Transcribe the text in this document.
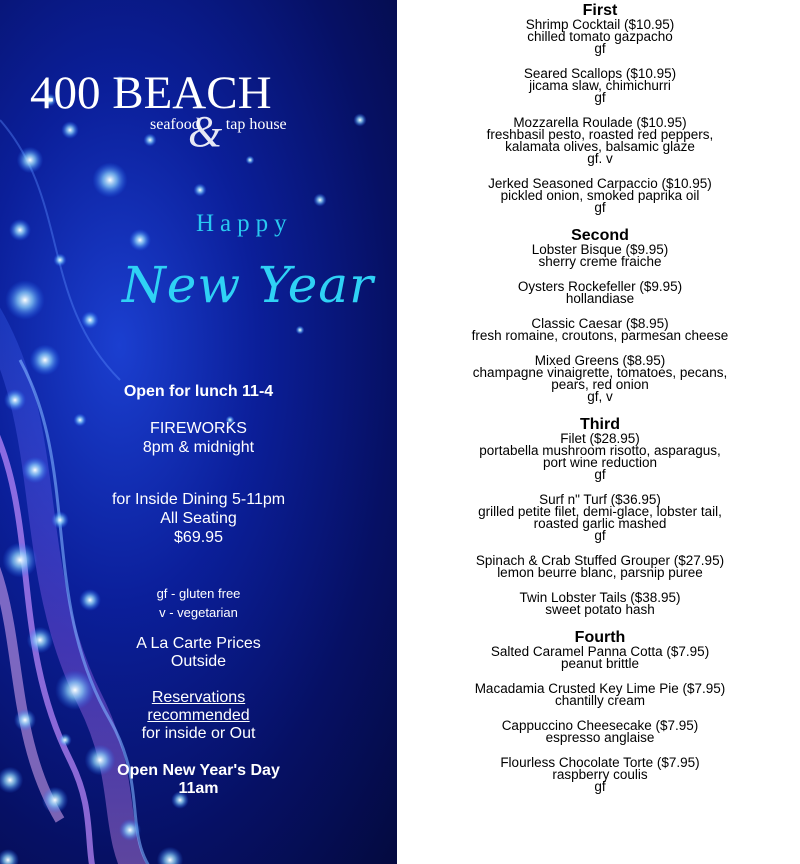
400 BEACH
&
seafood tap house
Happy
New Year
Open for lunch 11-4
FIREWORKS
8pm & midnight
for Inside Dining 5-11pm
All Seating
$69.95
gf - gluten free
v - vegetarian
A La Carte Prices
Outside
Reservations
recommended
for inside or Out
Open New Year's Day
11am
First
Shrimp Cocktail ($10.95)
chilled tomato gazpacho
gf
Seared Scallops ($10.95)
jicama slaw, chimichurri
gf
Mozzarella Roulade ($10.95)
freshbasil pesto, roasted red peppers,
kalamata olives, balsamic glaze
gf. v
Jerked Seasoned Carpaccio ($10.95)
pickled onion, smoked paprika oil
gf
Second
Lobster Bisque ($9.95)
sherry creme fraiche
Oysters Rockefeller ($9.95)
hollandiase
Classic Caesar ($8.95)
fresh romaine, croutons, parmesan cheese
Mixed Greens ($8.95)
champagne vinaigrette, tomatoes, pecans,
pears, red onion
gf, v
Third
Filet ($28.95)
portabella mushroom risotto, asparagus,
port wine reduction
gf
Surf n" Turf ($36.95)
grilled petite filet, demi-glace, lobster tail,
roasted garlic mashed
gf
Spinach & Crab Stuffed Grouper ($27.95)
lemon beurre blanc, parsnip puree
Twin Lobster Tails ($38.95)
sweet potato hash
Fourth
Salted Caramel Panna Cotta ($7.95)
peanut brittle
Macadamia Crusted Key Lime Pie ($7.95)
chantilly cream
Cappuccino Cheesecake ($7.95)
espresso anglaise
Flourless Chocolate Torte ($7.95)
raspberry coulis
gf
